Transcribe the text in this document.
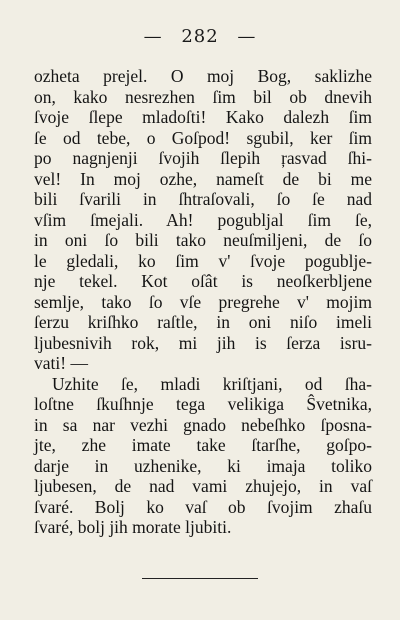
— 282 —
ozheta prejel. O moj Bog, saklizhe
on, kako nesrezhen ſim bil ob dnevih
ſvoje ſlepe mladoſti! Kako dalezh ſim
ſe od tebe, o Goſpod! sgubil, ker ſim
po nagnjenji ſvojih ſlepih ŗasvad ſhi-
vel! In moj ozhe, nameſt de bi me
bili ſvarili in ſhtraſovali, ſo ſe nad
vſim ſmejali. Ah! pogubljal ſim ſe,
in oni ſo bili tako neuſmiljeni, de ſo
le gledali, ko ſim v' ſvoje pogublje-
nje tekel. Kot oſât is neoſkerbljene
semlje, tako ſo vſe pregrehe v' mojim
ſerzu kriſhko raſtle, in oni niſo imeli
ljubesnivih rok, mi jih is ſerza isru-
vati! —
Uzhite ſe, mladi kriſtjani, od ſha-
loſtne ſkuſhnje tega velikiga Ŝvetnika,
in sa nar vezhi gnado nebeſhko ſposna-
jte, zhe imate take ſtarſhe, goſpo-
darje in uzhenike, ki imaja toliko
ljubesen, de nad vami zhujejo, in vaſ
ſvaré. Bolj ko vaſ ob ſvojim zhaſu
ſvaré, bolj jih morate ljubiti.
